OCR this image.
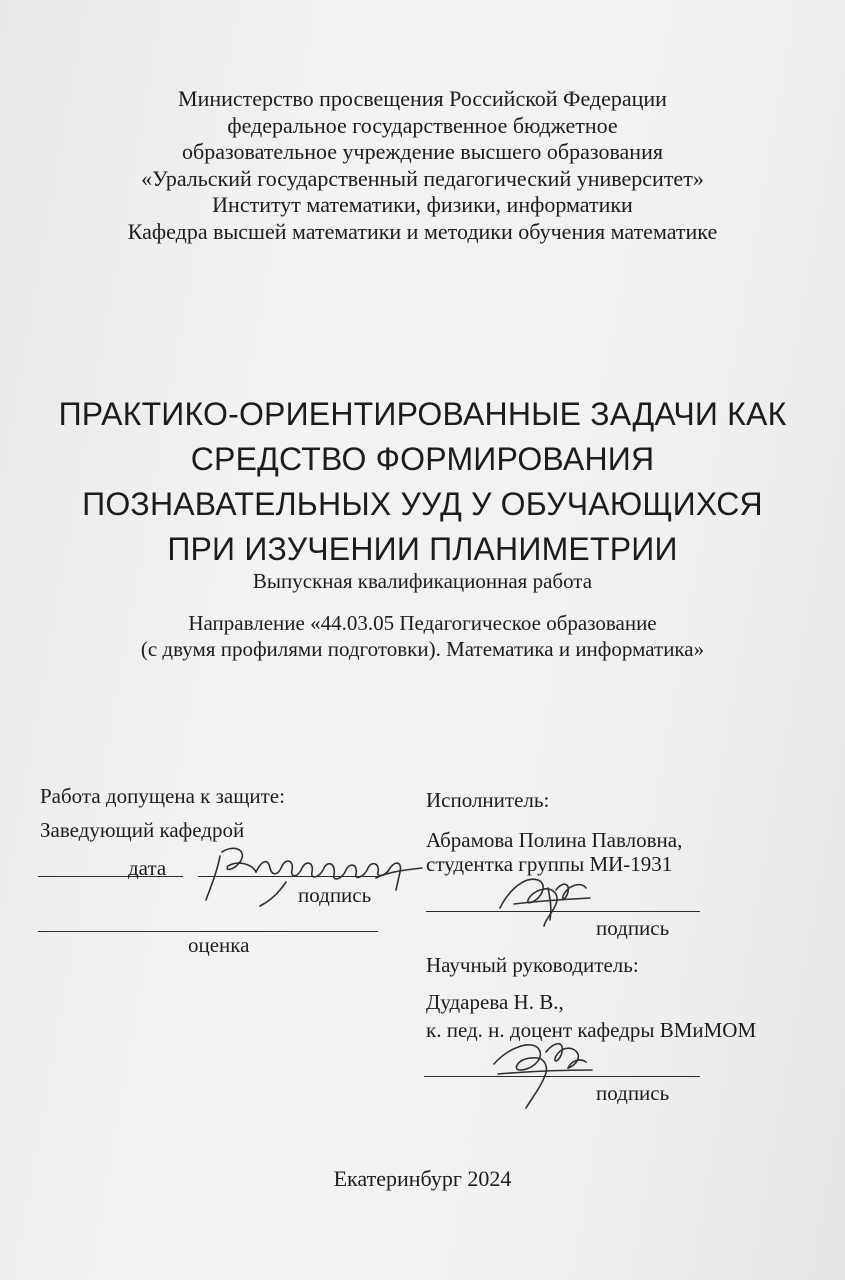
Министерство просвещения Российской Федерации
федеральное государственное бюджетное
образовательное учреждение высшего образования
«Уральский государственный педагогический университет»
Институт математики, физики, информатики
Кафедра высшей математики и методики обучения математике
ПРАКТИКО-ОРИЕНТИРОВАННЫЕ ЗАДАЧИ КАК
СРЕДСТВО ФОРМИРОВАНИЯ
ПОЗНАВАТЕЛЬНЫХ УУД У ОБУЧАЮЩИХСЯ
ПРИ ИЗУЧЕНИИ ПЛАНИМЕТРИИ
Выпускная квалификационная работа
Направление «44.03.05 Педагогическое образование
(с двумя профилями подготовки). Математика и информатика»
Работа допущена к защите:
Заведующий кафедрой
дата
подпись
оценка
Исполнитель:
Абрамова Полина Павловна,
студентка группы МИ-1931
подпись
Научный руководитель:
Дударева Н. В.,
к. пед. н. доцент кафедры ВМиМОМ
подпись
Екатеринбург 2024
